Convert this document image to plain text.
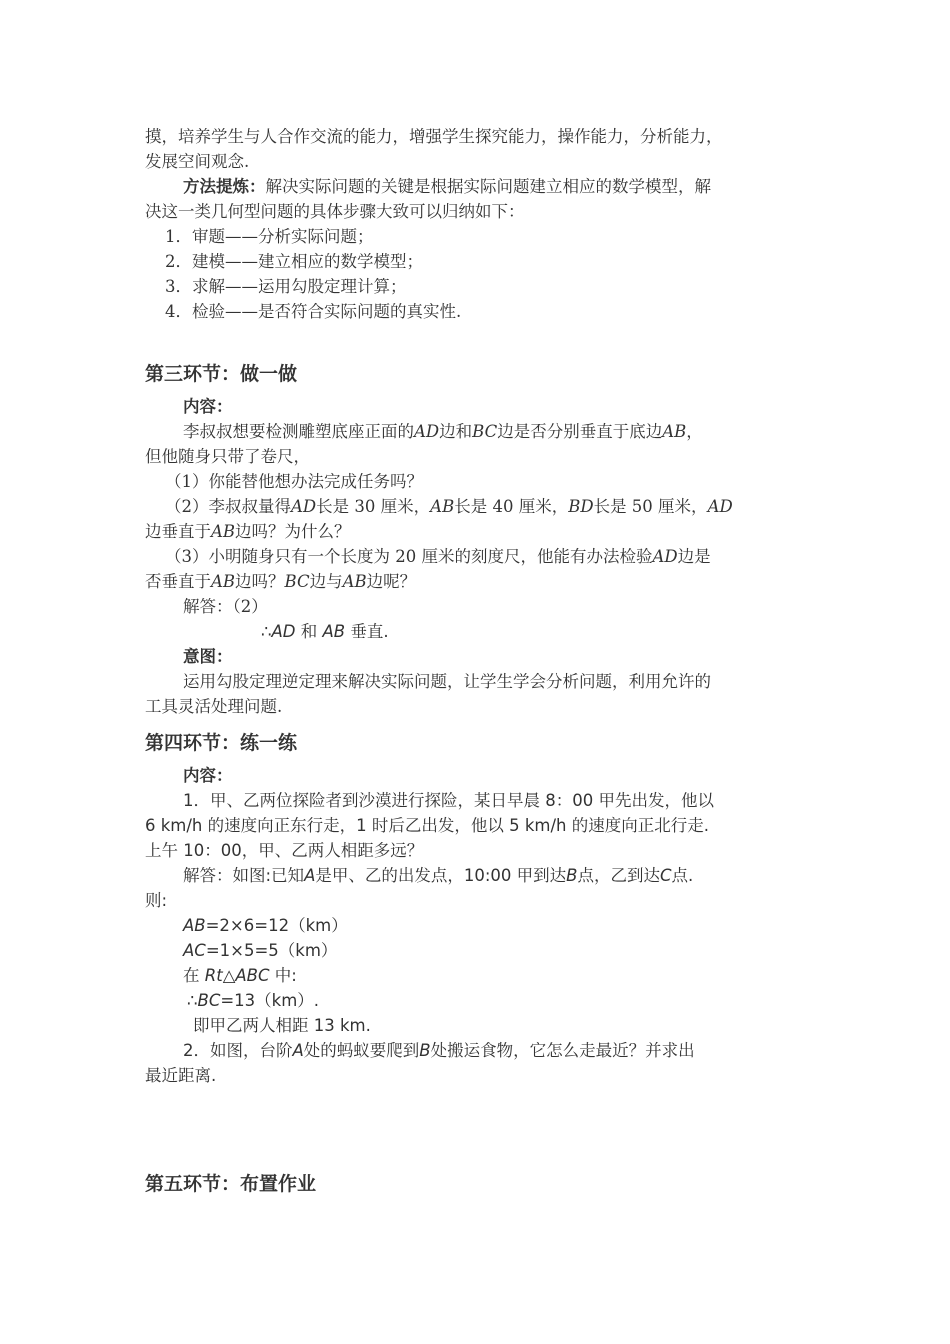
摸，培养学生与人合作交流的能力，增强学生探究能力，操作能力，分析能力，

发展空间观念.

方法提炼：解决实际问题的关键是根据实际问题建立相应的数学模型，解

决这一类几何型问题的具体步骤大致可以归纳如下：

1．审题——分析实际问题；

2．建模——建立相应的数学模型；

3．求解——运用勾股定理计算；

4．检验——是否符合实际问题的真实性.

第三环节：做一做

内容：

李叔叔想要检测雕塑底座正面的AD边和BC边是否分别垂直于底边AB，

但他随身只带了卷尺，

（1）你能替他想办法完成任务吗？

（2）李叔叔量得AD长是 30 厘米，AB长是 40 厘米，BD长是 50 厘米，AD

边垂直于AB边吗？为什么？

（3）小明随身只有一个长度为 20 厘米的刻度尺，他能有办法检验AD边是

否垂直于AB边吗？BC边与AB边呢？

解答：（2）

∴AD 和 AB 垂直.

意图：

运用勾股定理逆定理来解决实际问题，让学生学会分析问题，利用允许的

工具灵活处理问题.

第四环节：练一练

内容：

1．甲、乙两位探险者到沙漠进行探险，某日早晨 8：00 甲先出发，他以

6 km/h 的速度向正东行走，1 时后乙出发，他以 5 km/h 的速度向正北行走.

上午 10：00，甲、乙两人相距多远？

解答：如图:已知A是甲、乙的出发点，10:00 甲到达B点，乙到达C点.

则:

AB=2×6=12（km）

AC=1×5=5（km）

在 Rt△ABC 中:

∴BC=13（km）.

即甲乙两人相距 13 km.

2．如图，台阶A处的蚂蚁要爬到B处搬运食物，它怎么走最近？并求出

最近距离.

第五环节：布置作业
